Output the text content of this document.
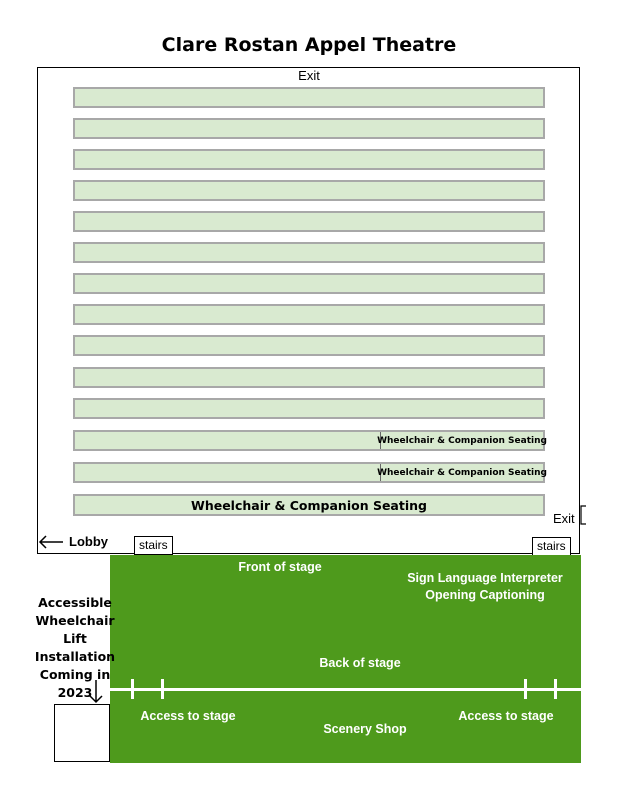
Clare Rostan Appel Theatre
Exit
Wheelchair & Companion Seating
Wheelchair & Companion Seating
Wheelchair & Companion Seating
Exit
Lobby	stairs	stairs
Front of stage
Sign Language Interpreter
Opening Captioning
Back of stage
Access to stage	Access to stage
Scenery Shop
Accessible
Wheelchair
Lift
Installation
Coming in
2023
